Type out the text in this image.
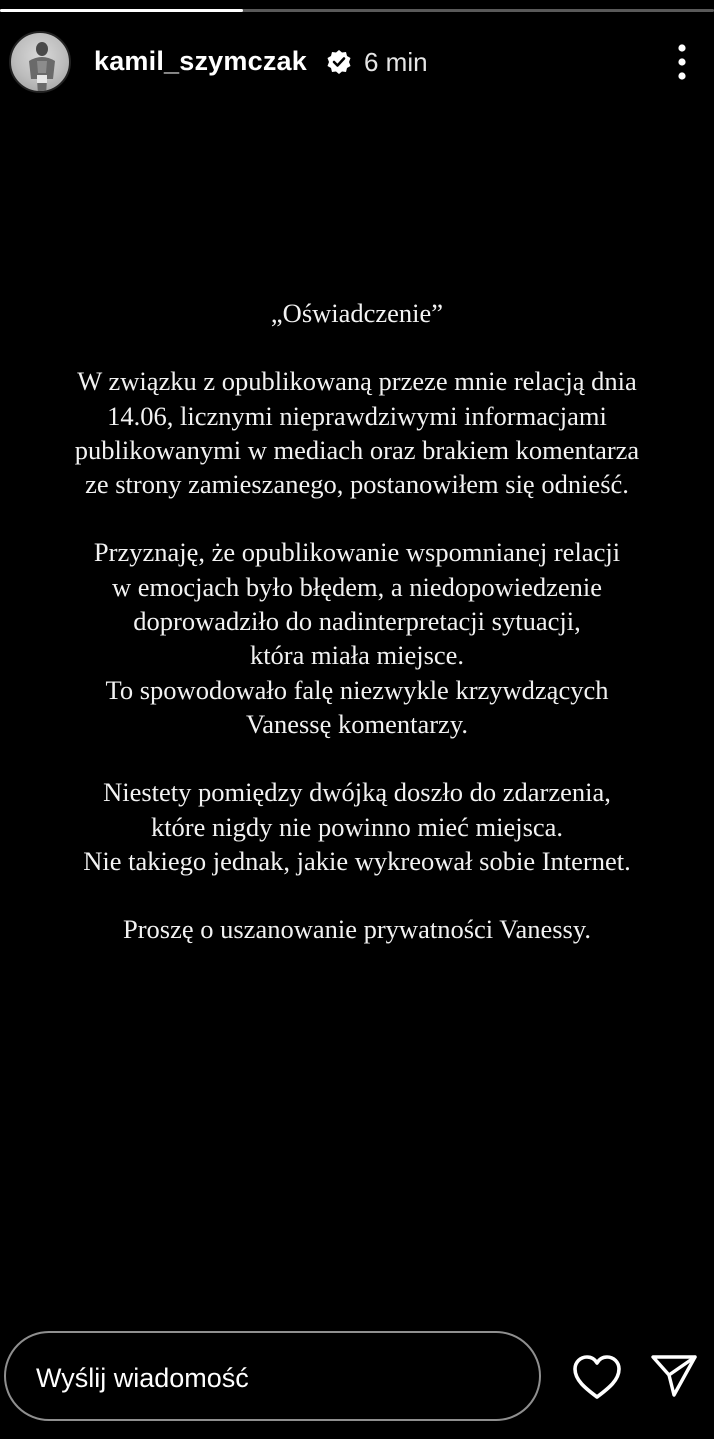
kamil_szymczak 6 min

„Oświadczenie”

W związku z opublikowaną przeze mnie relacją dnia

14.06, licznymi nieprawdziwymi informacjami

publikowanymi w mediach oraz brakiem komentarza

ze strony zamieszanego, postanowiłem się odnieść.

Przyznaję, że opublikowanie wspomnianej relacji

w emocjach było błędem, a niedopowiedzenie

doprowadziło do nadinterpretacji sytuacji,

która miała miejsce.

To spowodowało falę niezwykle krzywdzących

Vanessę komentarzy.

Niestety pomiędzy dwójką doszło do zdarzenia,

które nigdy nie powinno mieć miejsca.

Nie takiego jednak, jakie wykreował sobie Internet.

Proszę o uszanowanie prywatności Vanessy.

Wyślij wiadomość
